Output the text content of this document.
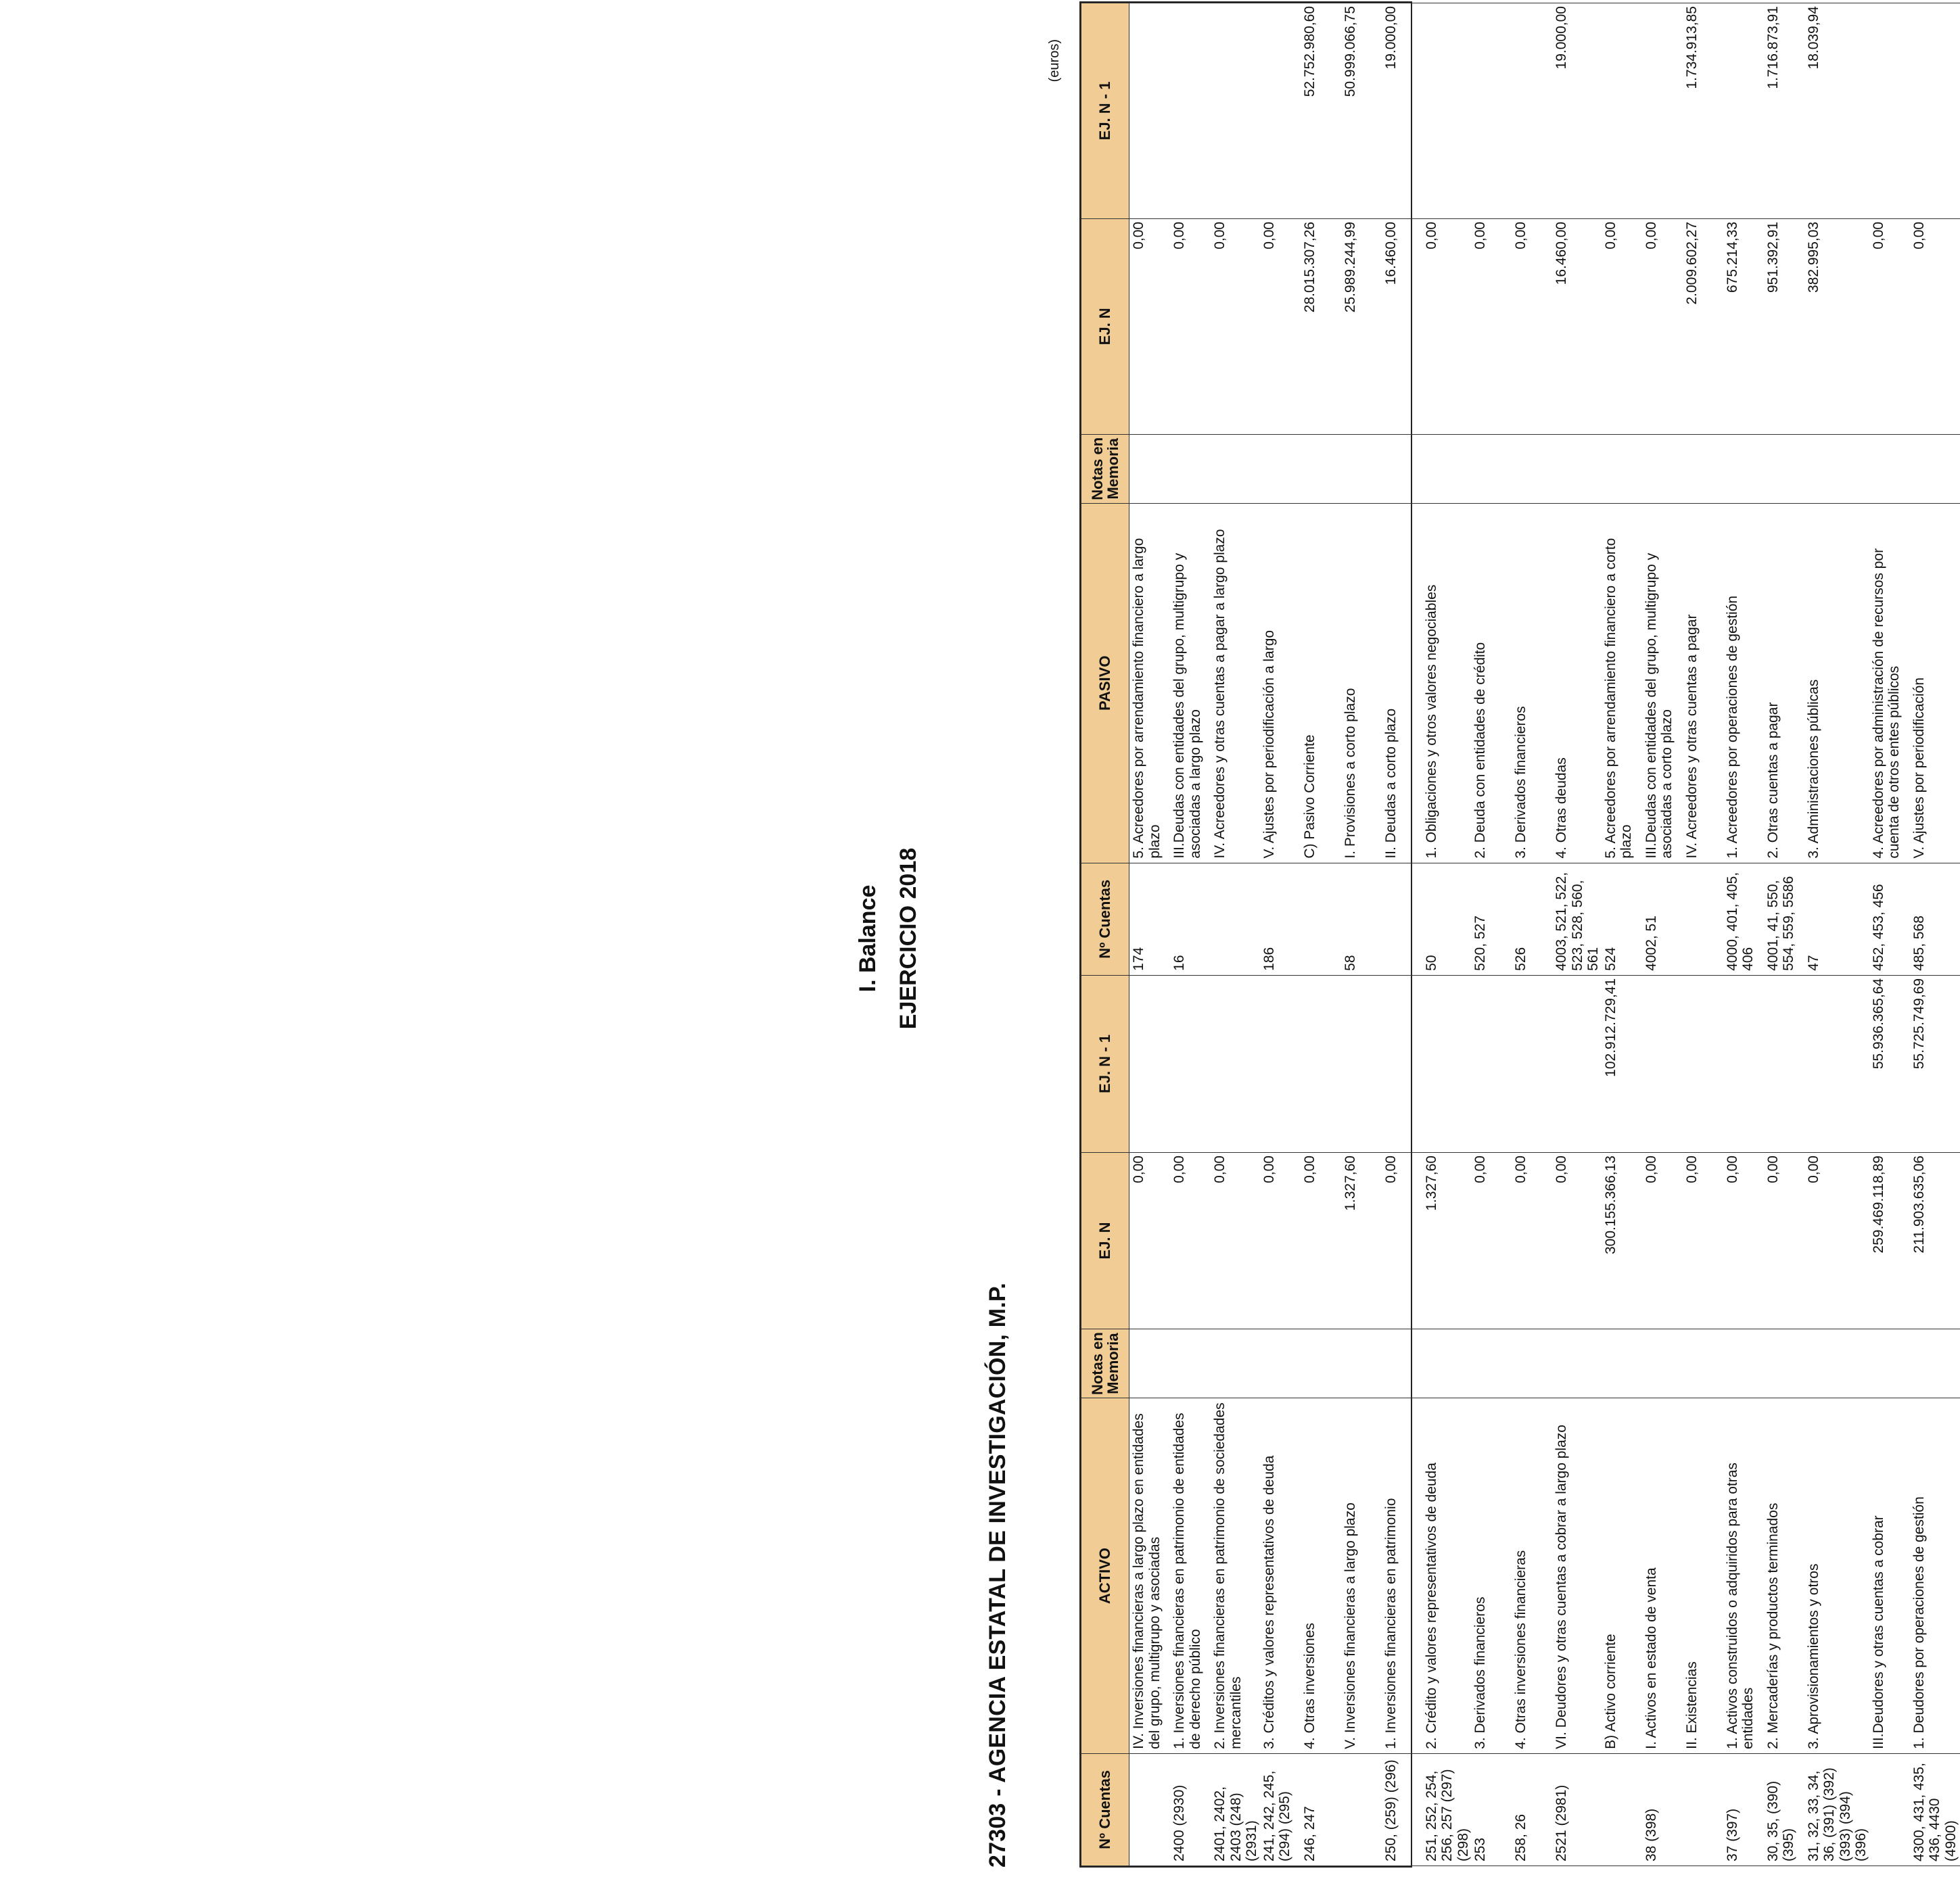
I. Balance EJERCICIO 2018
27303 - AGENCIA ESTATAL DE INVESTIGACIÓN, M.P.
(euros)
Nº Cuentas	ACTIVO	Notas en Memoria	EJ. N	EJ. N - 1	Nº Cuentas	PASIVO	Notas en Memoria	EJ. N	EJ. N - 1
	IV. Inversiones financieras a largo plazo en entidades del grupo, multigrupo y asociadas		0,00		174	5. Acreedores por arrendamiento financiero a largo plazo		0,00	
2400 (2930)	1. Inversiones financieras en patrimonio de entidades de derecho público		0,00		16	III.Deudas con entidades del grupo, multigrupo y asociadas a largo plazo		0,00	
2401, 2402, 2403 (248) (2931)	2. Inversiones financieras en patrimonio de sociedades mercantiles		0,00			IV. Acreedores y otras cuentas a pagar a largo plazo		0,00	
241, 242, 245, (294) (295)	3. Créditos y valores representativos de deuda		0,00		186	V. Ajustes por periodificación a largo		0,00	
246, 247	4. Otras inversiones		0,00			C) Pasivo Corriente		28.015.307,26	52.752.980,60
	V. Inversiones financieras a largo plazo		1.327,60		58	I. Provisiones a corto plazo		25.989.244,99	50.999.066,75
250, (259) (296)	1. Inversiones financieras en patrimonio		0,00			II. Deudas a corto plazo		16.460,00	19.000,00
251, 252, 254, 256, 257 (297) (298)	2. Crédito y valores representativos de deuda		1.327,60		50	1. Obligaciones y otros valores negociables		0,00	
253	3. Derivados financieros		0,00		520, 527	2. Deuda con entidades de crédito		0,00	
258, 26	4. Otras inversiones financieras		0,00		526	3. Derivados financieros		0,00	
2521 (2981)	VI. Deudores y otras cuentas a cobrar a largo plazo		0,00		4003, 521, 522, 523, 528, 560, 561	4. Otras deudas		16.460,00	19.000,00
	B) Activo corriente		300.155.366,13	102.912.729,41	524	5. Acreedores por arrendamiento financiero a corto plazo		0,00	
38 (398)	I. Activos en estado de venta		0,00		4002, 51	III.Deudas con entidades del grupo, multigrupo y asociadas a corto plazo		0,00	
	II. Existencias		0,00			IV. Acreedores y otras cuentas a pagar		2.009.602,27	1.734.913,85
37 (397)	1. Activos construidos o adquiridos para otras entidades		0,00		4000, 401, 405, 406	1. Acreedores por operaciones de gestión		675.214,33	
30, 35, (390) (395)	2. Mercaderías y productos terminados		0,00		4001, 41, 550, 554, 559, 5586	2. Otras cuentas a pagar		951.392,91	1.716.873,91
31, 32, 33, 34, 36, (391) (392) (393) (394) (396)	3. Aprovisionamientos y otros		0,00		47	3. Administraciones públicas		382.995,03	18.039,94
	III.Deudores y otras cuentas a cobrar		259.469.118,89	55.936.365,64	452, 453, 456	4. Acreedores por administración de recursos por cuenta de otros entes públicos		0,00	
4300, 431, 435, 436, 4430 (4900)	1. Deudores por operaciones de gestión		211.903.635,06	55.725.749,69	485, 568	V. Ajustes por periodificación		0,00	
